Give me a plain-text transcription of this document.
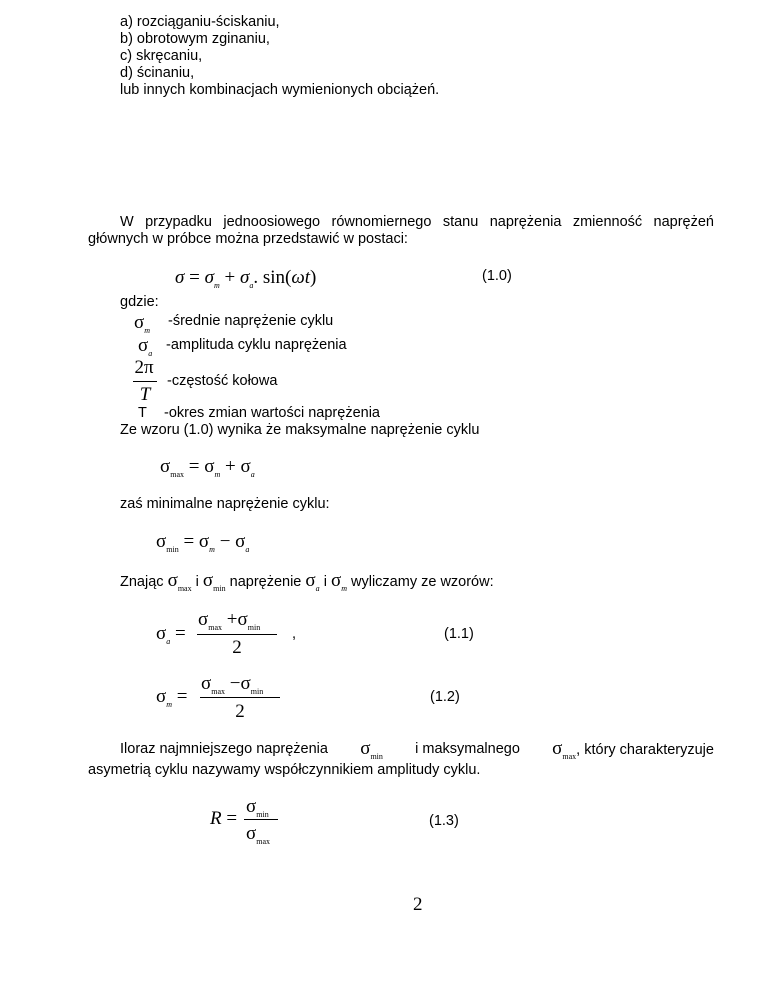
a) rozciąganiu-ściskaniu,
b) obrotowym zginaniu,
c) skręcaniu,
d) ścinaniu,
lub innych kombinacjach wymienionych obciążeń.
W przypadku jednoosiowego równomiernego stanu naprężenia zmienność naprężeń głównych w próbce można przedstawić w postaci:
$\sigma = \sigma_m + \sigma_a$. sin(ωt)	(1.0)
gdzie:
$\sigma_m$
-średnie naprężenie cyklu
$\sigma_a$
-amplituda cyklu naprężenia
2π
T
-częstość kołowa
T -okres zmian wartości naprężenia
Ze wzoru (1.0) wynika że maksymalne naprężenie cyklu
$\sigma_{max} = \sigma_m + \sigma_a$
zaś minimalne naprężenie cyklu:
$\sigma_{min} = \sigma_m - \sigma_a$
Znając $\sigma_{max}$ i $\sigma_{min}$ naprężenie $\sigma_a$ i $\sigma_m$ wyliczamy ze wzorów:
$\sigma_a$ =
$\sigma_{max} +\sigma_{min}$
2
,	(1.1)
$\sigma_m$ =
$\sigma_{max} -\sigma_{min}$
2
(1.2)
Iloraz najmniejszego naprężenia $\sigma_{min}$ i maksymalnego $\sigma_{max}$, który charakteryzuje
asymetrią cyklu nazywamy współczynnikiem amplitudy cyklu.
R =
$\sigma_{min}$
$\sigma_{max}$
(1.3)
2
